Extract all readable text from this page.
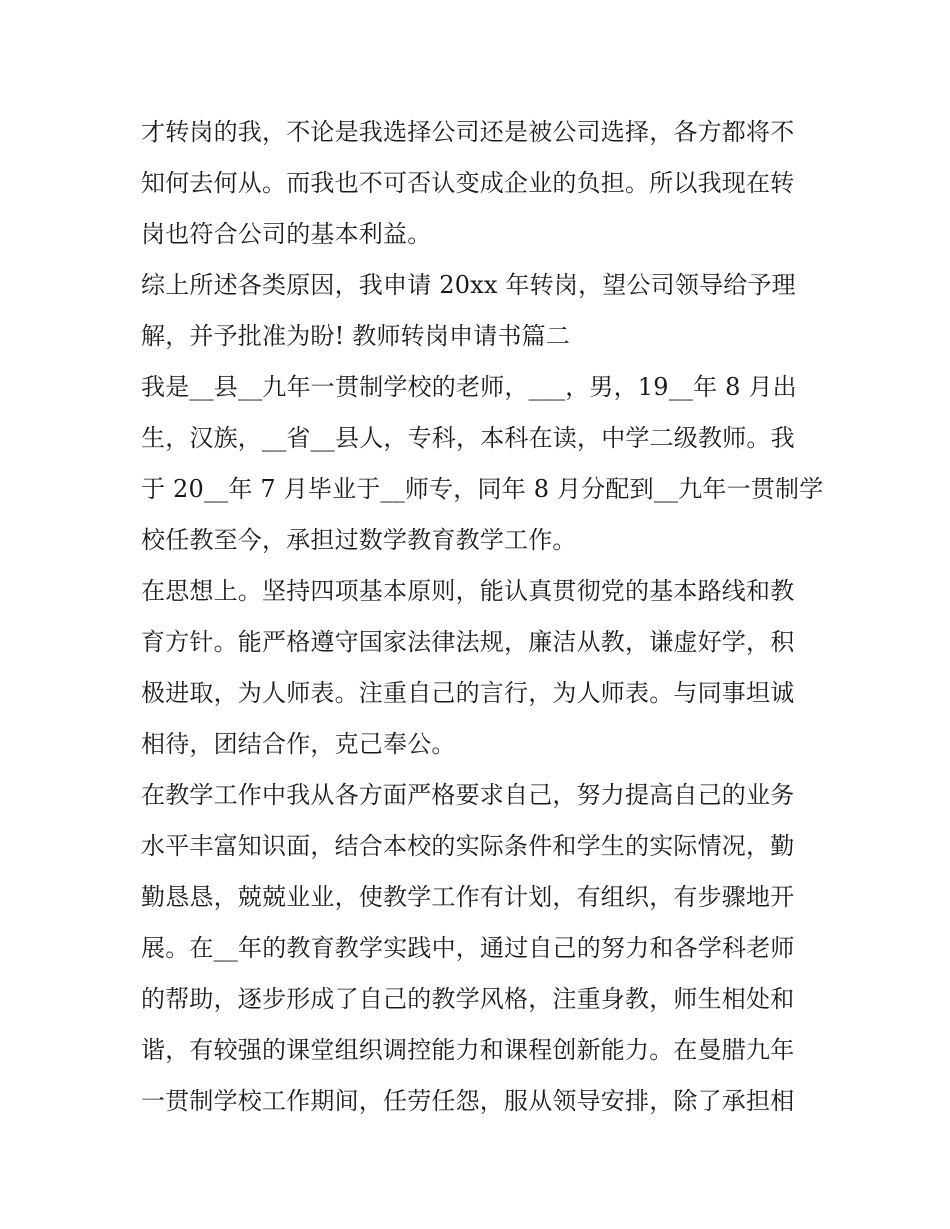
才转岗的我，不论是我选择公司还是被公司选择，各方都将不
知何去何从。而我也不可否认变成企业的负担。所以我现在转
岗也符合公司的基本利益。
综上所述各类原因，我申请 20xx 年转岗，望公司领导给予理
解，并予批准为盼! 教师转岗申请书篇二
我是__县__九年一贯制学校的老师，___，男，19__年 8 月出
生，汉族，__省__县人，专科，本科在读，中学二级教师。我
于 20__年 7 月毕业于__师专，同年 8 月分配到__九年一贯制学
校任教至今，承担过数学教育教学工作。
在思想上。坚持四项基本原则，能认真贯彻党的基本路线和教
育方针。能严格遵守国家法律法规，廉洁从教，谦虚好学，积
极进取，为人师表。注重自己的言行，为人师表。与同事坦诚
相待，团结合作，克己奉公。
在教学工作中我从各方面严格要求自己，努力提高自己的业务
水平丰富知识面，结合本校的实际条件和学生的实际情况，勤
勤恳恳，兢兢业业，使教学工作有计划，有组织，有步骤地开
展。在__年的教育教学实践中，通过自己的努力和各学科老师
的帮助，逐步形成了自己的教学风格，注重身教，师生相处和
谐，有较强的课堂组织调控能力和课程创新能力。在曼腊九年
一贯制学校工作期间，任劳任怨，服从领导安排，除了承担相
